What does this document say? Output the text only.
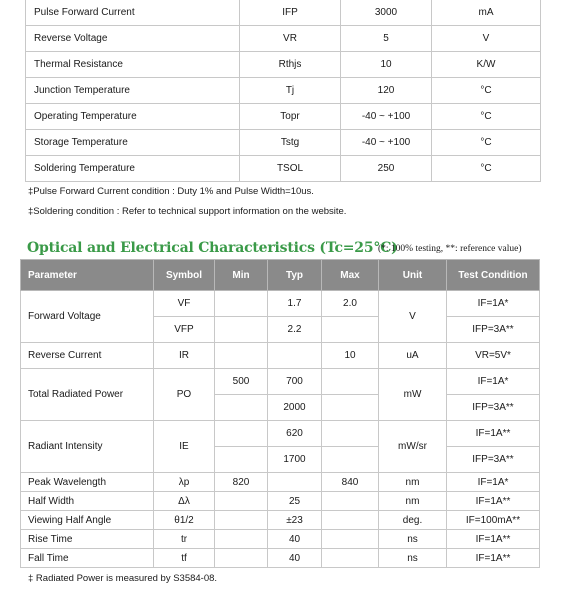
Pulse Forward Current	IFP	3000	mA
Reverse Voltage	VR	5	V
Thermal Resistance	Rthjs	10	K/W
Junction Temperature	Tj	120	°C
Operating Temperature	Topr	-40 ~ +100	°C
Storage Temperature	Tstg	-40 ~ +100	°C
Soldering Temperature	TSOL	250	°C
‡Pulse Forward Current condition : Duty 1% and Pulse Width=10us.
‡Soldering condition : Refer to technical support information on the website.
Optical and Electrical Characteristics (Tc=25°C)
(*: 100% testing, **: reference value)
Parameter	Symbol	Min	Typ	Max	Unit	Test Condition
Forward Voltage	VF		1.7	2.0	V	IF=1A*
	VFP		2.2			IFP=3A**
Reverse Current	IR			10	uA	VR=5V*
Total Radiated Power	PO	500	700		mW	IF=1A*
			2000			IFP=3A**
Radiant Intensity	IE		620		mW/sr	IF=1A**
			1700			IFP=3A**
Peak Wavelength	λp	820		840	nm	IF=1A*
Half Width	Δλ		25		nm	IF=1A**
Viewing Half Angle	θ1/2		±23		deg.	IF=100mA**
Rise Time	tr		40		ns	IF=1A**
Fall Time	tf		40		ns	IF=1A**
‡ Radiated Power is measured by S3584-08.
